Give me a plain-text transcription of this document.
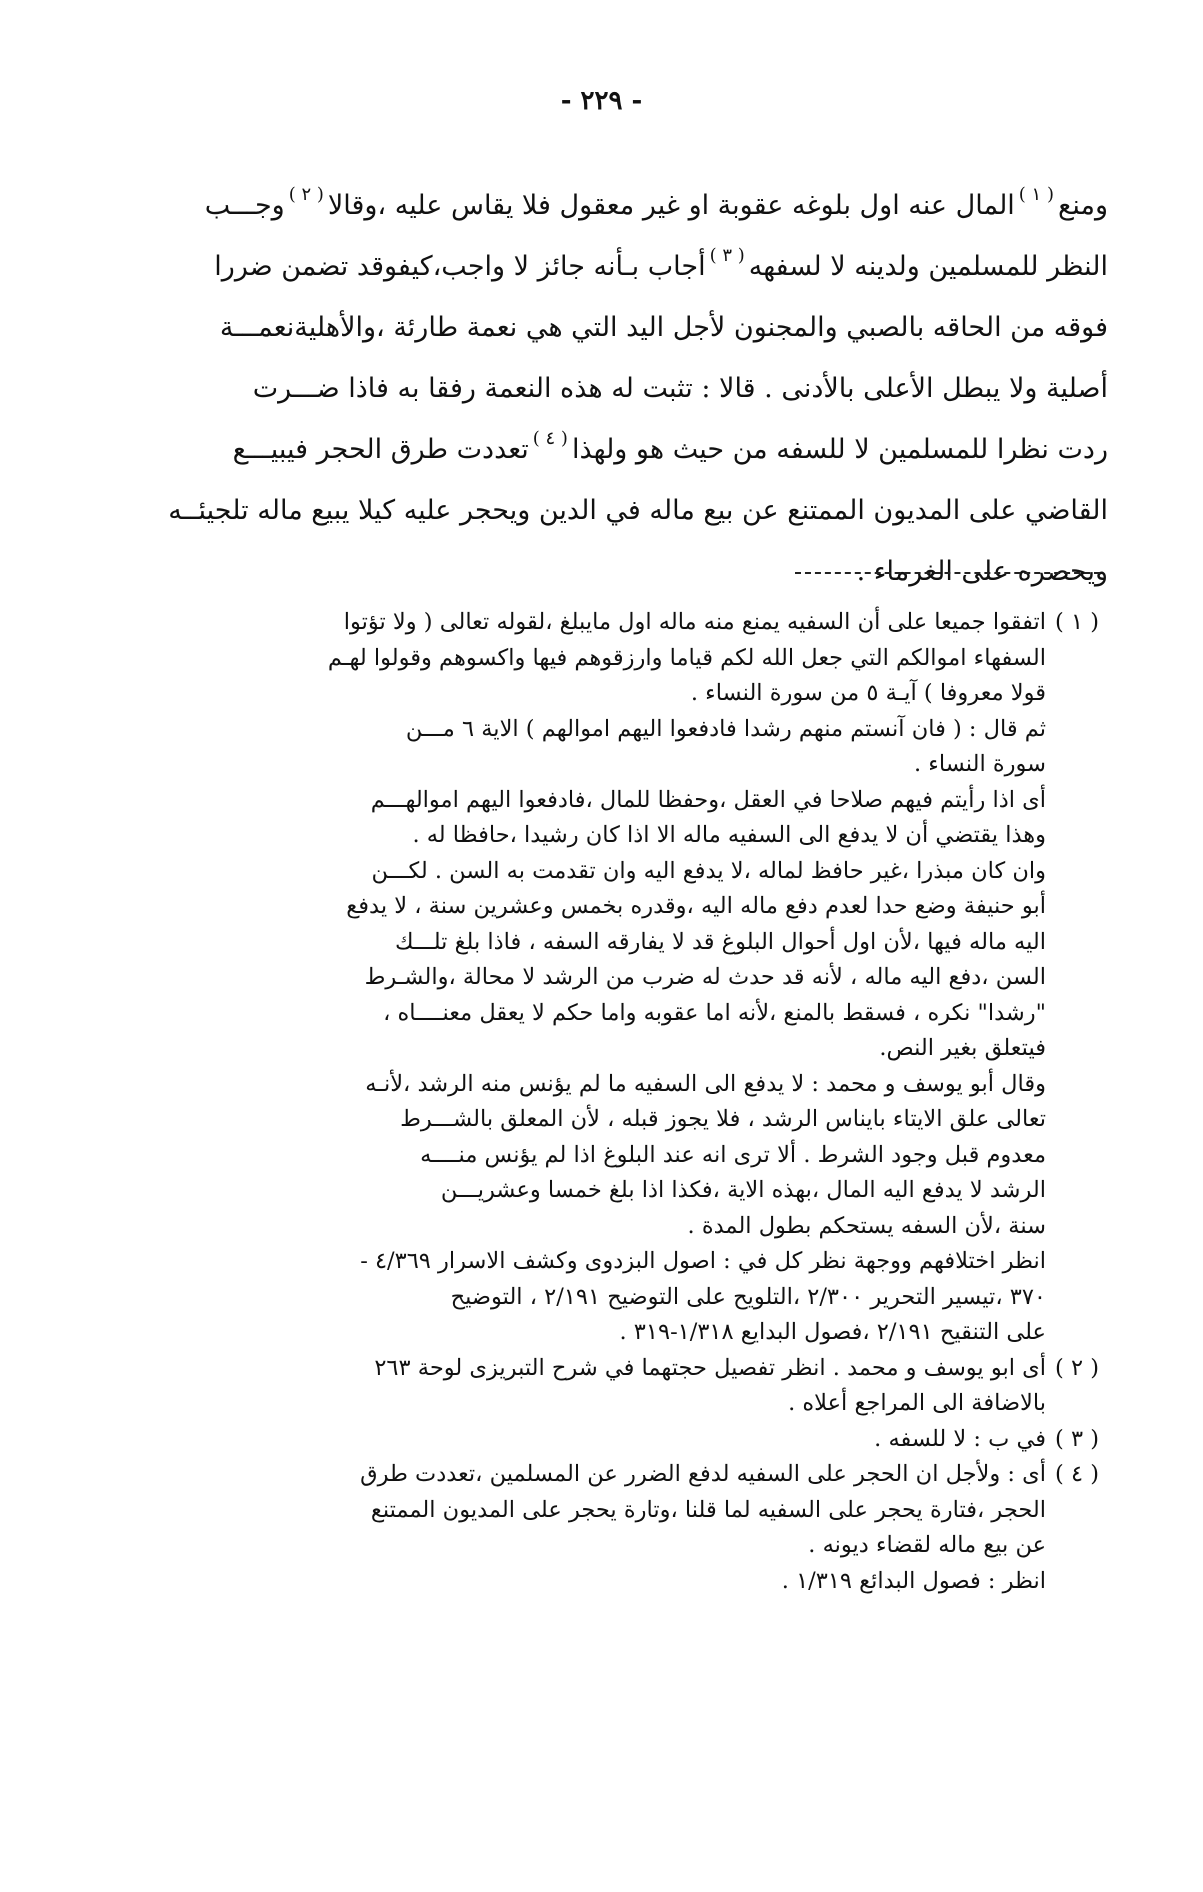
- ٢٢٩ -
ومنع$^{( ١ )}$المال عنه اول بلوغه عقوبة او غير معقول فلا يقاس عليه ،وقالا$^{( ٢ )}$وجـــب
النظر للمسلمين ولدينه لا لسفهه$^{( ٣ )}$أجاب بـأنه جائز لا واجب،كيفوقد تضمن ضررا
فوقه من الحاقه بالصبي والمجنون لأجل اليد التي هي نعمة طارئة ،والأهليةنعمـــة
أصلية ولا يبطل الأعلى بالأدنى . قالا : تثبت له هذه النعمة رفقا به فاذا ضـــرت
ردت نظرا للمسلمين لا للسفه من حيث هو ولهذا$^{( ٤ )}$تعددت طرق الحجر فيبيـــع
القاضي على المديون الممتنع عن بيع ماله في الدين ويحجر عليه كيلا يبيع ماله تلجيئــه
ويحصره على الغرماء .
( ١ )
اتفقوا جميعا على أن السفيه يمنع منه ماله اول مايبلغ ،لقوله تعالى ( ولا تؤتوا
السفهاء اموالكم التي جعل الله لكم قياما وارزقوهم فيها واكسوهم وقولوا لهـم
قولا معروفا ) آيـة ٥ من سورة النساء .
ثم قال : ( فان آنستم منهم رشدا فادفعوا اليهم اموالهم ) الاية ٦ مـــن
سورة النساء .
أى اذا رأيتم فيهم صلاحا في العقل ،وحفظا للمال ،فادفعوا اليهم اموالهـــم
وهذا يقتضي أن لا يدفع الى السفيه ماله الا اذا كان رشيدا ،حافظا له .
وان كان مبذرا ،غير حافظ لماله ،لا يدفع اليه وان تقدمت به السن . لكـــن
أبو حنيفة وضع حدا لعدم دفع ماله اليه ،وقدره بخمس وعشرين سنة ، لا يدفع
اليه ماله فيها ،لأن اول أحوال البلوغ قد لا يفارقه السفه ، فاذا بلغ تلـــك
السن ،دفع اليه ماله ، لأنه قد حدث له ضرب من الرشد لا محالة ،والشـرط
"رشدا" نكره ، فسقط بالمنع ،لأنه اما عقوبه واما حكم لا يعقل معنــــاه ،
فيتعلق بغير النص.
وقال أبو يوسف و محمد : لا يدفع الى السفيه ما لم يؤنس منه الرشد ،لأنـه
تعالى علق الايتاء بايناس الرشد ، فلا يجوز قبله ، لأن المعلق بالشـــرط
معدوم قبل وجود الشرط . ألا ترى انه عند البلوغ اذا لم يؤنس منــــه
الرشد لا يدفع اليه المال ،بهذه الاية ،فكذا اذا بلغ خمسا وعشريـــن
سنة ،لأن السفه يستحكم بطول المدة .
انظر اختلافهم ووجهة نظر كل في : اصول البزدوى وكشف الاسرار ٤/٣٦٩ -
٣٧٠ ،تيسير التحرير ٢/٣٠٠ ،التلويح على التوضيح ٢/١٩١ ، التوضيح
على التنقيح ٢/١٩١ ،فصول البدايع ١/٣١٨-٣١٩ .
( ٢ )
أى ابو يوسف و محمد . انظر تفصيل حجتهما في شرح التبريزى لوحة ٢٦٣
بالاضافة الى المراجع أعلاه .
( ٣ )
في ب : لا للسفه .
( ٤ )
أى : ولأجل ان الحجر على السفيه لدفع الضرر عن المسلمين ،تعددت طرق
الحجر ،فتارة يحجر على السفيه لما قلنا ،وتارة يحجر على المديون الممتنع
عن بيع ماله لقضاء ديونه .
انظر : فصول البدائع ١/٣١٩ .
